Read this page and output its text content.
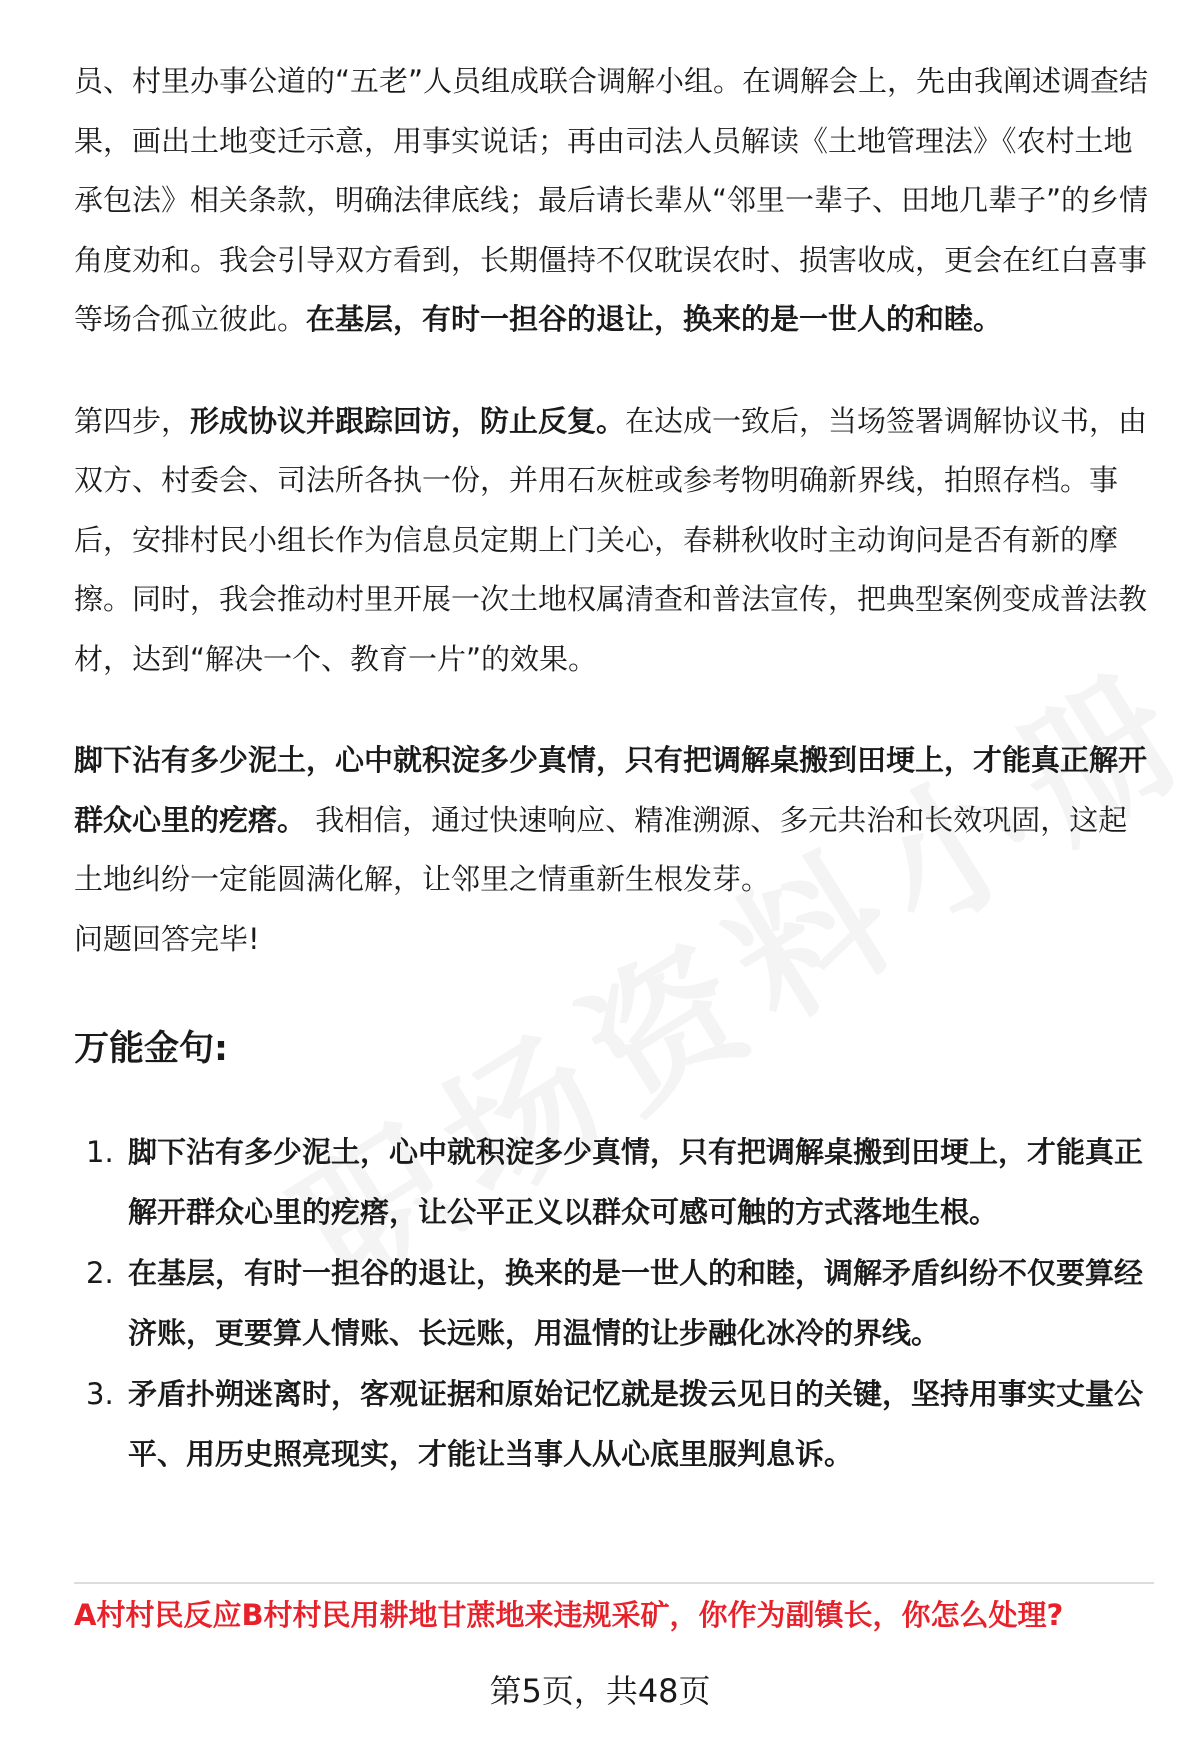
员、村里办事公道的“五老”人员组成联合调解小组。在调解会上，先由我阐述调查结果，画出土地变迁示意，用事实说话；再由司法人员解读《土地管理法》《农村土地承包法》相关条款，明确法律底线；最后请长辈从“邻里一辈子、田地几辈子”的乡情角度劝和。我会引导双方看到，长期僵持不仅耽误农时、损害收成，更会在红白喜事等场合孤立彼此。在基层，有时一担谷的退让，换来的是一世人的和睦。

第四步，形成协议并跟踪回访，防止反复。在达成一致后，当场签署调解协议书，由双方、村委会、司法所各执一份，并用石灰桩或参考物明确新界线，拍照存档。事后，安排村民小组长作为信息员定期上门关心，春耕秋收时主动询问是否有新的摩擦。同时，我会推动村里开展一次土地权属清查和普法宣传，把典型案例变成普法教材，达到“解决一个、教育一片”的效果。

脚下沾有多少泥土，心中就积淀多少真情，只有把调解桌搬到田埂上，才能真正解开群众心里的疙瘩。 我相信，通过快速响应、精准溯源、多元共治和长效巩固，这起土地纠纷一定能圆满化解，让邻里之情重新生根发芽。

问题回答完毕!

万能金句:
1. 脚下沾有多少泥土，心中就积淀多少真情，只有把调解桌搬到田埂上，才能真正解开群众心里的疙瘩，让公平正义以群众可感可触的方式落地生根。
2. 在基层，有时一担谷的退让，换来的是一世人的和睦，调解矛盾纠纷不仅要算经济账，更要算人情账、长远账，用温情的让步融化冰冷的界线。
3. 矛盾扑朔迷离时，客观证据和原始记忆就是拨云见日的关键，坚持用事实丈量公平、用历史照亮现实，才能让当事人从心底里服判息诉。
A村村民反应B村村民用耕地甘蔗地来违规采矿，你作为副镇长，你怎么处理?
第5页，共48页
